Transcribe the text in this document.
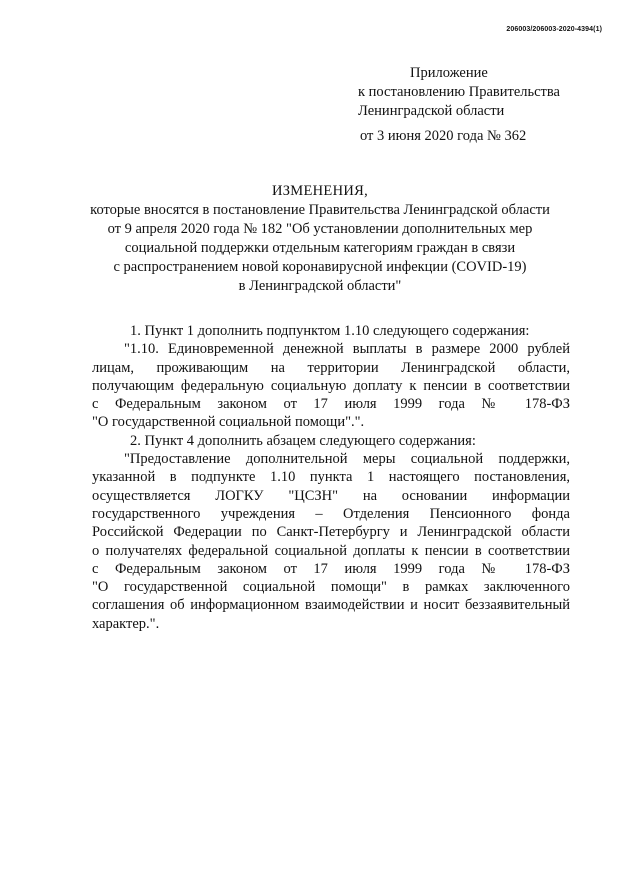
206003/206003-2020-4394(1)
Приложение
к постановлению Правительства
Ленинградской области
от 3 июня 2020 года № 362
ИЗМЕНЕНИЯ,
которые вносятся в постановление Правительства Ленинградской области
от 9 апреля 2020 года № 182 "Об установлении дополнительных мер
социальной поддержки отдельным категориям граждан в связи
с распространением новой коронавирусной инфекции (COVID-19)
в Ленинградской области"

1. Пункт 1 дополнить подпунктом 1.10 следующего содержания:

"1.10. Единовременной денежной выплаты в размере 2000 рублей

лицам, проживающим на территории Ленинградской области,

получающим федеральную социальную доплату к пенсии в соответствии

с Федеральным законом от 17 июля 1999 года № 178-ФЗ

"О государственной социальной помощи".".

2. Пункт 4 дополнить абзацем следующего содержания:

"Предоставление дополнительной меры социальной поддержки,

указанной в подпункте 1.10 пункта 1 настоящего постановления,

осуществляется ЛОГКУ "ЦСЗН" на основании информации

государственного учреждения – Отделения Пенсионного фонда

Российской Федерации по Санкт-Петербургу и Ленинградской области

о получателях федеральной социальной доплаты к пенсии в соответствии

с Федеральным законом от 17 июля 1999 года № 178-ФЗ

"О государственной социальной помощи" в рамках заключенного

соглашения об информационном взаимодействии и носит беззаявительный

характер.".
